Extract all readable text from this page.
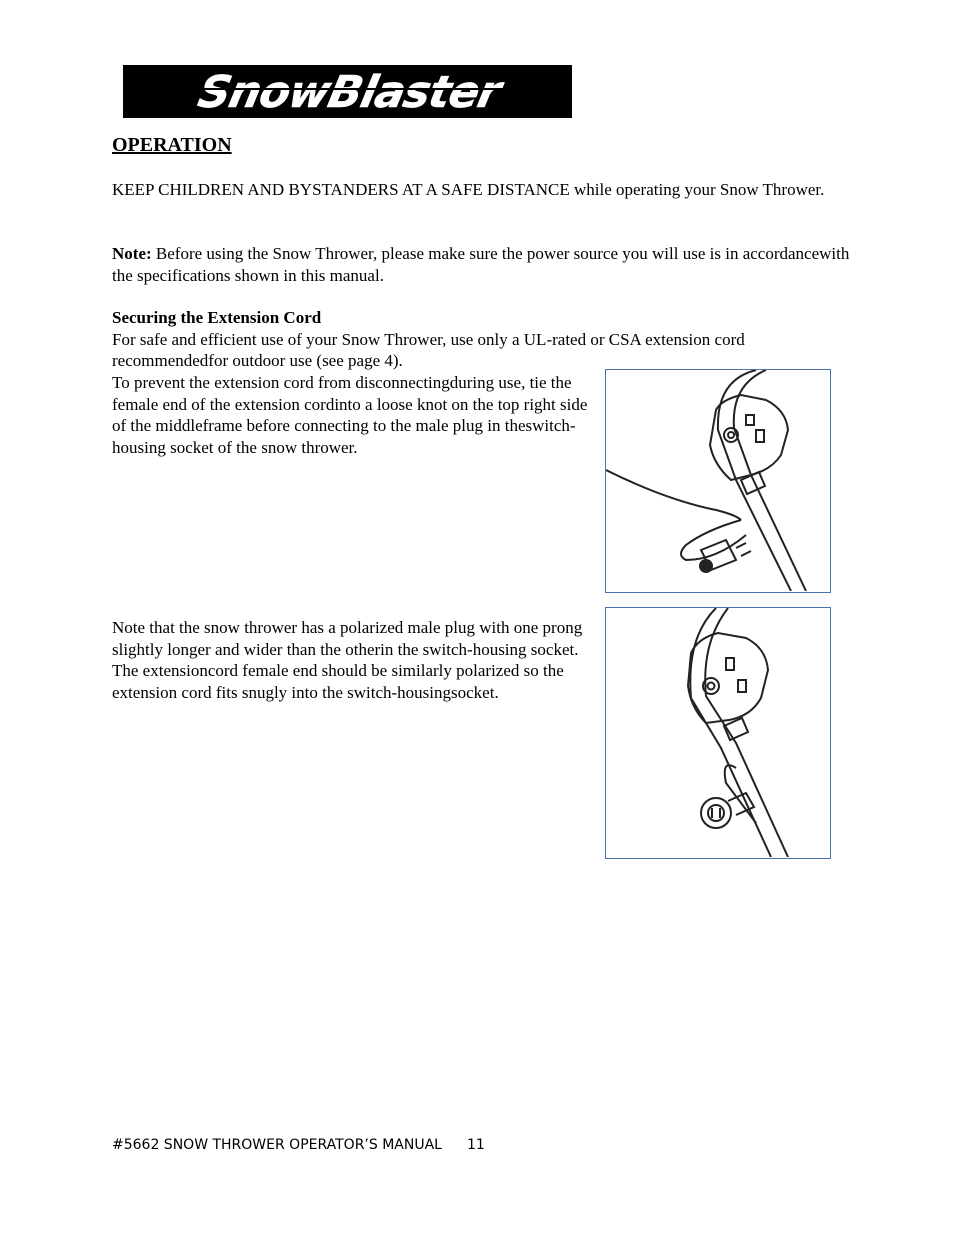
SnowBlaster
OPERATION

KEEP CHILDREN AND BYSTANDERS AT A SAFE DISTANCE while operating your Snow Thrower.

Note: Before using the Snow Thrower, please make sure the power source you will use is in accordancewith the specifications shown in this manual.

Securing the Extension Cord
For safe and efficient use of your Snow Thrower, use only a UL-rated or CSA extension cord recommendedfor outdoor use (see page 4).

To prevent the extension cord from disconnectingduring use, tie the female end of the extension cordinto a loose knot on the top right side of the middleframe before connecting to the male plug in theswitch-housing socket of the snow thrower.

Note that the snow thrower has a polarized male plug with one prong slightly longer and wider than the otherin the switch-housing socket. The extensioncord female end should be similarly polarized so the extension cord fits snugly into the switch-housingsocket.

#5662 SNOW THROWER OPERATOR’S MANUAL 11
